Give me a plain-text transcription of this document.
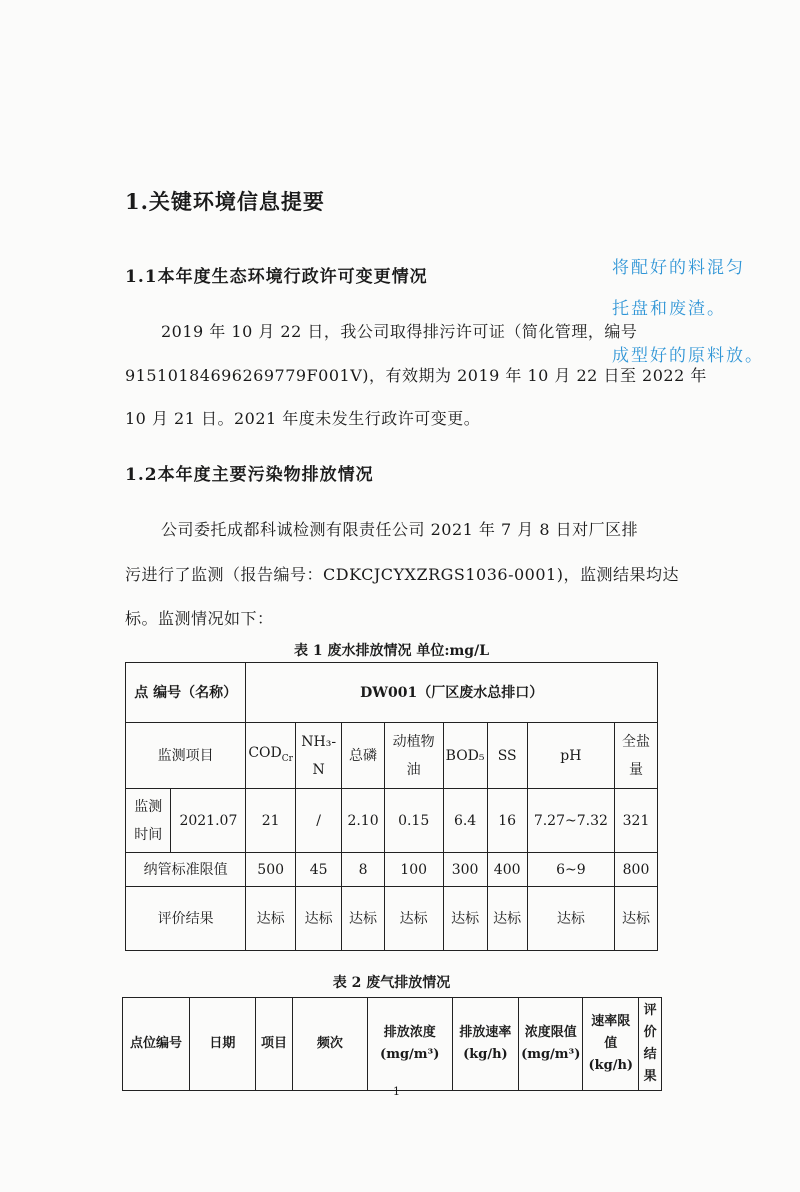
1.关键环境信息提要
1.1本年度生态环境行政许可变更情况	将配好的料混匀
托盘和废渣。
成型好的原料放。
2019 年 10 月 22 日，我公司取得排污许可证（简化管理，编号
91510184696269779F001V)，有效期为 2019 年 10 月 22 日至 2022 年
10 月 21 日。2021 年度未发生行政许可变更。
1.2本年度主要污染物排放情况
公司委托成都科诚检测有限责任公司 2021 年 7 月 8 日对厂区排
污进行了监测（报告编号：CDKCJCYXZRGS1036-0001)，监测结果均达
标。监测情况如下：
表 1 废水排放情况 单位:mg/L
点 编号（名称）		DW001（厂区废水总排口）							
监测项目		$COD_{Cr}$	NH₃-N	总磷	动植物油	BOD₅	SS	pH	全盐量
监测时间	2021.07	21	/	2.10	0.15	6.4	16	7.27~7.32	321
纳管标准限值		500	45	8	100	300	400	6~9	800
评价结果		达标	达标	达标	达标	达标	达标	达标	达标
表 2 废气排放情况
点位编号	日期	项目	频次	排放浓度(mg/m³)	排放速率(kg/h)	浓度限值(mg/m³)	速率限值(kg/h)	评价结果
1
